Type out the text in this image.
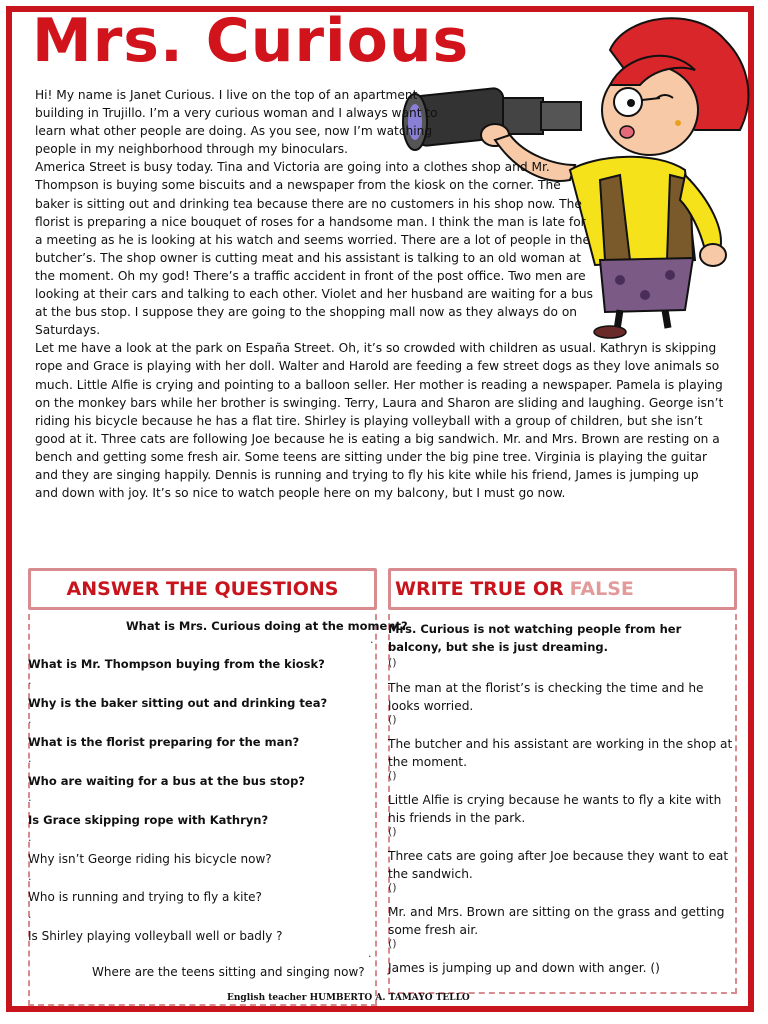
Mrs. Curious

Hi! My name is Janet Curious. I live on the top of an apartment building in Trujillo. I’m a very curious woman and I always want to learn what other people are doing. As you see, now I’m watching people in my neighborhood through my binoculars.

America Street is busy today. Tina and Victoria are going into a clothes shop and Mr. Thompson is buying some biscuits and a newspaper from the kiosk on the corner. The baker is sitting out and drinking tea because there are no customers in his shop now. The florist is preparing a nice bouquet of roses for a handsome man. I think the man is late for a meeting as he is looking at his watch and seems worried. There are a lot of people in the butcher’s. The shop owner is cutting meat and his assistant is talking to an old woman at the moment. Oh my god! There’s a traffic accident in front of the post office. Two men are looking at their cars and talking to each other. Violet and her husband are waiting for a bus at the bus stop. I suppose they are going to the shopping mall now as they always do on Saturdays.

Let me have a look at the park on España Street. Oh, it’s so crowded with children as usual. Kathryn is skipping rope and Grace is playing with her doll. Walter and Harold are feeding a few street dogs as they love animals so much. Little Alfie is crying and pointing to a balloon seller. Her mother is reading a newspaper. Pamela is playing on the monkey bars while her brother is swinging. Terry, Laura and Sharon are sliding and laughing. George isn’t riding his bicycle because he has a flat tire. Shirley is playing volleyball with a group of children, but she isn’t good at it. Three cats are following Joe because he is eating a big sandwich. Mr. and Mrs. Brown are resting on a bench and getting some fresh air. Some teens are sitting under the big pine tree. Virginia is playing the guitar and they are singing happily. Dennis is running and trying to fly his kite while his friend, James is jumping up and down with joy. It’s so nice to watch people here on my balcony, but I must go now.

ANSWER THE QUESTIONS

What is Mrs. Curious doing at the moment?

.

What is Mr. Thompson buying from the kiosk?

.

Why is the baker sitting out and drinking tea?

.

What is the florist preparing for the man?

.

Who are waiting for a bus at the bus stop?

.

Is Grace skipping rope with Kathryn?

.

Why isn’t George riding his bicycle now?

.

Who is running and trying to fly a kite?

.

Is Shirley playing volleyball well or badly ?

.

Where are the teens sitting and singing now?

WRITE TRUE OR FALSE

Mrs. Curious is not watching people from her balcony, but she is just dreaming.

()

The man at the florist’s is checking the time and he looks worried.

()

The butcher and his assistant are working in the shop at the moment.

()

Little Alfie is crying because he wants to fly a kite with his friends in the park.

()

Three cats are going after Joe because they want to eat the sandwich.

()

Mr. and Mrs. Brown are sitting on the grass and getting some fresh air.

()

James is jumping up and down with anger. ()

English teacher HUMBERTO A. TAMAYO TELLO
